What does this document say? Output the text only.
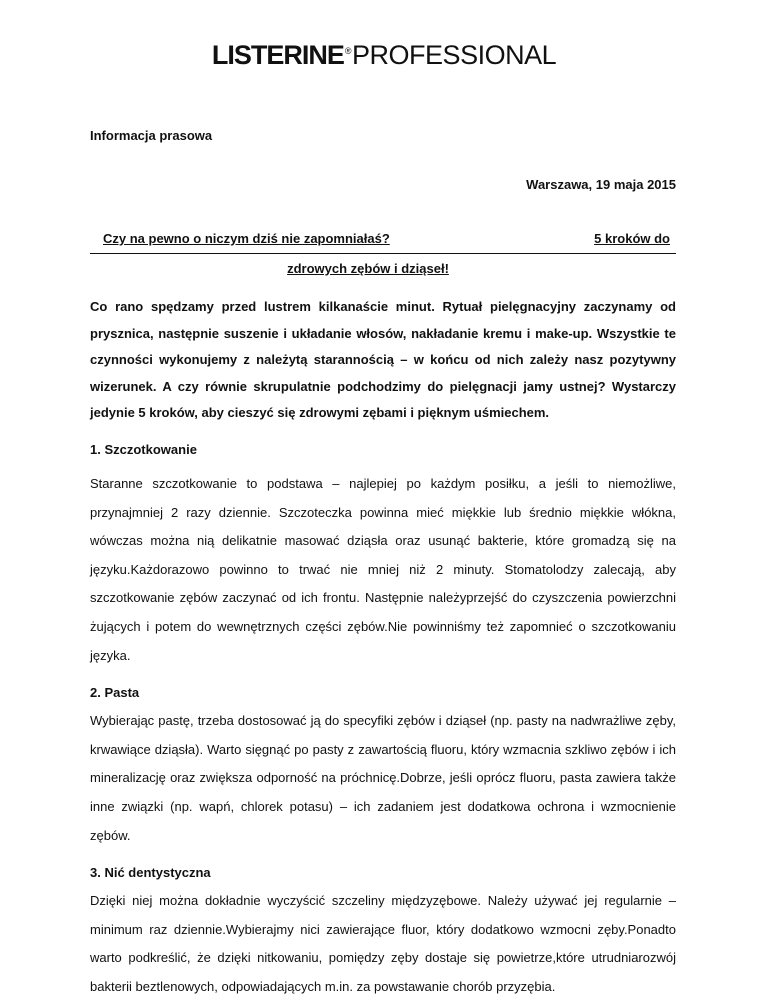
LISTERINE®PROFESSIONAL

Informacja prasowa

Warszawa, 19 maja 2015

Czy na pewno o niczym dziś nie zapomniałaś?	5 kroków do
zdrowych zębów i dziąseł!

Co rano spędzamy przed lustrem kilkanaście minut. Rytuał pielęgnacyjny zaczynamy od prysznica, następnie suszenie i układanie włosów, nakładanie kremu i make-up. Wszystkie te czynności wykonujemy z należytą starannością – w końcu od nich zależy nasz pozytywny wizerunek. A czy równie skrupulatnie podchodzimy do pielęgnacji jamy ustnej? Wystarczy jedynie 5 kroków, aby cieszyć się zdrowymi zębami i pięknym uśmiechem.

1. Szczotkowanie

Staranne szczotkowanie to podstawa – najlepiej po każdym posiłku, a jeśli to niemożliwe, przynajmniej 2 razy dziennie. Szczoteczka powinna mieć miękkie lub średnio miękkie włókna, wówczas można nią delikatnie masować dziąsła oraz usunąć bakterie, które gromadzą się na języku.Każdorazowo powinno to trwać nie mniej niż 2 minuty. Stomatolodzy zalecają, aby szczotkowanie zębów zaczynać od ich frontu. Następnie należyprzejść do czyszczenia powierzchni żujących i potem do wewnętrznych części zębów.Nie powinniśmy też zapomnieć o szczotkowaniu języka.

2. Pasta

Wybierając pastę, trzeba dostosować ją do specyfiki zębów i dziąseł (np. pasty na nadwrażliwe zęby, krwawiące dziąsła). Warto sięgnąć po pasty z zawartością fluoru, który wzmacnia szkliwo zębów i ich mineralizację oraz zwiększa odporność na próchnicę.Dobrze, jeśli oprócz fluoru, pasta zawiera także inne związki (np. wapń, chlorek potasu) – ich zadaniem jest dodatkowa ochrona i wzmocnienie zębów.

3. Nić dentystyczna

Dzięki niej można dokładnie wyczyścić szczeliny międzyzębowe. Należy używać jej regularnie – minimum raz dziennie.Wybierajmy nici zawierające fluor, który dodatkowo wzmocni zęby.Ponadto warto podkreślić, że dzięki nitkowaniu, pomiędzy zęby dostaje się powietrze,które utrudniarozwój bakterii beztlenowych, odpowiadających m.in. za powstawanie chorób przyzębia.
